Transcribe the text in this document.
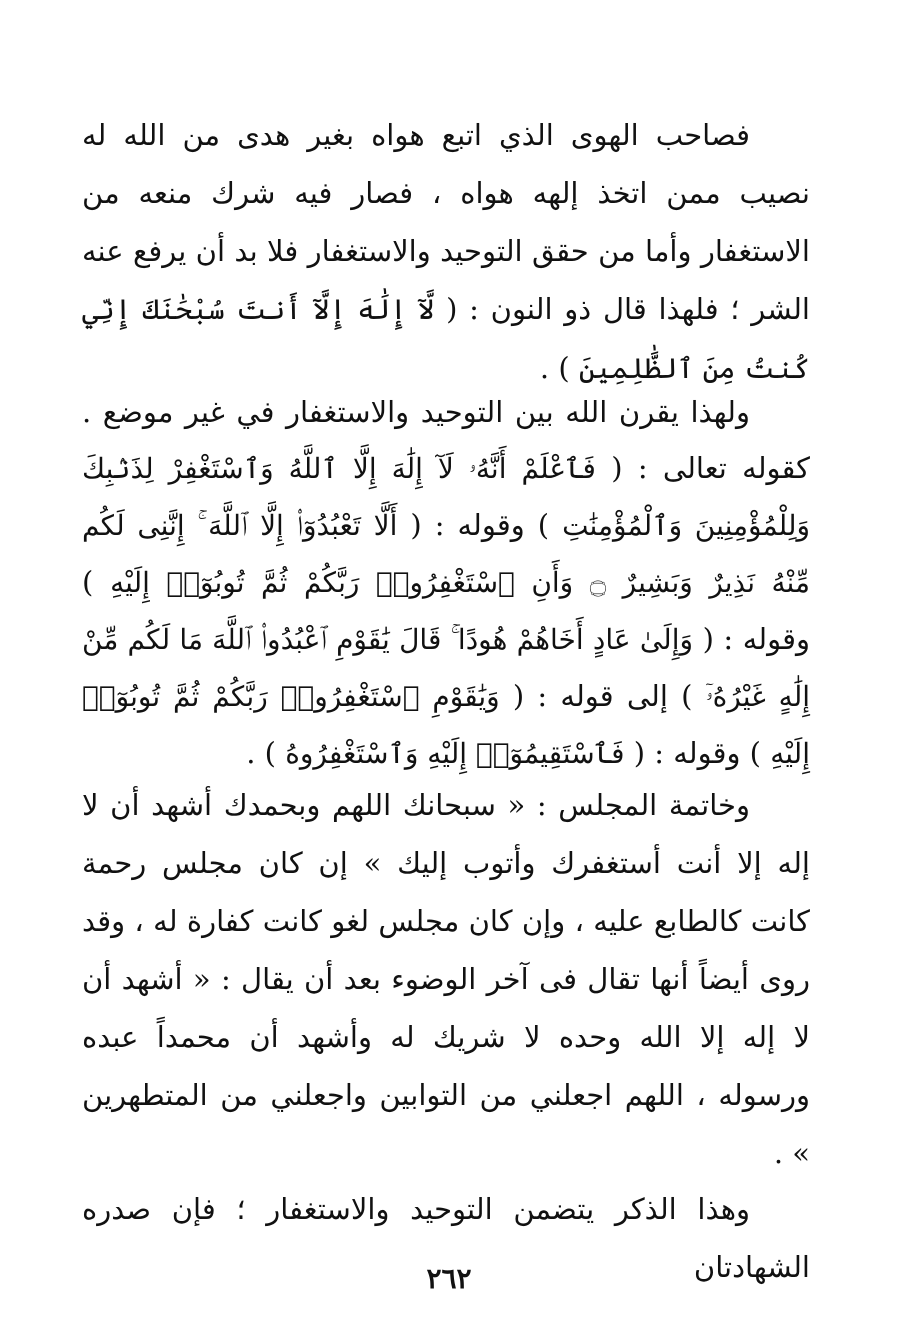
فصاحب الهوى الذي اتبع هواه بغير هدى من الله له نصيب ممن اتخذ إلهه هواه ، فصار فيه شرك منعه من الاستغفار وأما من حقق التوحيد والاستغفار فلا بد أن يرفع عنه الشر ؛ فلهذا قال ذو النون : ( لَّآ إِلَٰهَ إِلَّآ أَنتَ سُبْحَٰنَكَ إِنِّي كُنتُ مِنَ ٱلظَّٰلِمِينَ ) .

ولهذا يقرن الله بين التوحيد والاستغفار في غير موضع . كقوله تعالى : ( فَٱعْلَمْ أَنَّهُۥ لَآ إِلَٰهَ إِلَّا ٱللَّهُ وَٱسْتَغْفِرْ لِذَنۢبِكَ وَلِلْمُؤْمِنِينَ وَٱلْمُؤْمِنَٰتِ ) وقوله : ( أَلَّا تَعْبُدُوٓا۟ إِلَّا ٱللَّهَ ۚ إِنَّنِى لَكُم مِّنْهُ نَذِيرٌ وَبَشِيرٌ ۝ وَأَنِ ٱسْتَغْفِرُوا۟ رَبَّكُمْ ثُمَّ تُوبُوٓا۟ إِلَيْهِ ) وقوله : ( وَإِلَىٰ عَادٍ أَخَاهُمْ هُودًا ۚ قَالَ يَٰقَوْمِ ٱعْبُدُوا۟ ٱللَّهَ مَا لَكُم مِّنْ إِلَٰهٍ غَيْرُهُۥٓ ) إلى قوله : ( وَيَٰقَوْمِ ٱسْتَغْفِرُوا۟ رَبَّكُمْ ثُمَّ تُوبُوٓا۟ إِلَيْهِ ) وقوله : ( فَٱسْتَقِيمُوٓا۟ إِلَيْهِ وَٱسْتَغْفِرُوهُ ) .

وخاتمة المجلس : « سبحانك اللهم وبحمدك أشهد أن لا إله إلا أنت أستغفرك وأتوب إليك » إن كان مجلس رحمة كانت كالطابع عليه ، وإن كان مجلس لغو كانت كفارة له ، وقد روى أيضاً أنها تقال فى آخر الوضوء بعد أن يقال : « أشهد أن لا إله إلا الله وحده لا شريك له وأشهد أن محمداً عبده ورسوله ، اللهم اجعلني من التوابين واجعلني من المتطهرين » .

وهذا الذكر يتضمن التوحيد والاستغفار ؛ فإن صدره الشهادتان

٢٦٢
